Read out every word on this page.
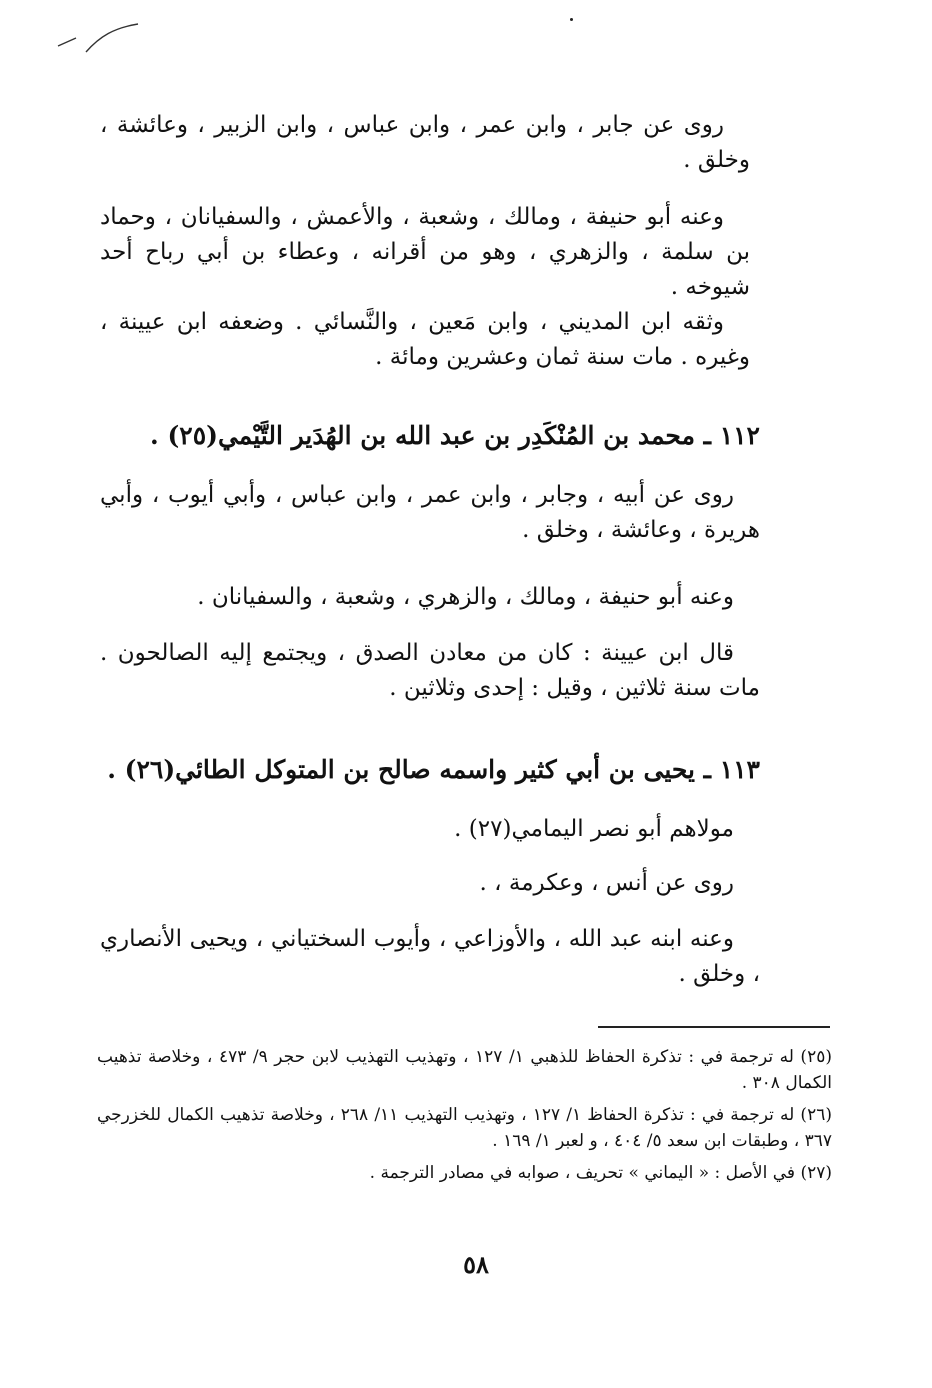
روى عن جابر ، وابن عمر ، وابن عباس ، وابن الزبير ، وعائشة ، وخلق .
وعنه أبو حنيفة ، ومالك ، وشعبة ، والأعمش ، والسفيانان ، وحماد بن سلمة ، والزهري ، وهو من أقرانه ، وعطاء بن أبي رباح أحد شيوخه .
وثقه ابن المديني ، وابن مَعين ، والنَّسائي . وضعفه ابن عيينة ، وغيره . مات سنة ثمان وعشرين ومائة .
١١٢ ـ محمد بن المُنْكَدِر بن عبد الله بن الهُدَير التَّيْمي(٢٥) .
روى عن أبيه ، وجابر ، وابن عمر ، وابن عباس ، وأبي أيوب ، وأبي هريرة ، وعائشة ، وخلق .
وعنه أبو حنيفة ، ومالك ، والزهري ، وشعبة ، والسفيانان .
قال ابن عيينة : كان من معادن الصدق ، ويجتمع إليه الصالحون . مات سنة ثلاثين ، وقيل : إحدى وثلاثين .
١١٣ ـ يحيى بن أبي كثير واسمه صالح بن المتوكل الطائي(٢٦) .
مولاهم أبو نصر اليمامي(٢٧) .
روى عن أنس ، وعكرمة ، .
وعنه ابنه عبد الله ، والأوزاعي ، وأيوب السختياني ، ويحيى الأنصاري ، وخلق .
(٢٥) له ترجمة في : تذكرة الحفاظ للذهبي ١/ ١٢٧ ، وتهذيب التهذيب لابن حجر ٩/ ٤٧٣ ، وخلاصة تذهيب الكمال ٣٠٨ .
(٢٦) له ترجمة في : تذكرة الحفاظ ١/ ١٢٧ ، وتهذيب التهذيب ١١/ ٢٦٨ ، وخلاصة تذهيب الكمال للخزرجي ٣٦٧ ، وطبقات ابن سعد ٥/ ٤٠٤ ، و لعبر ١/ ١٦٩ .
(٢٧) في الأصل : « اليماني » تحريف ، صوابه في مصادر الترجمة .
٥٨
